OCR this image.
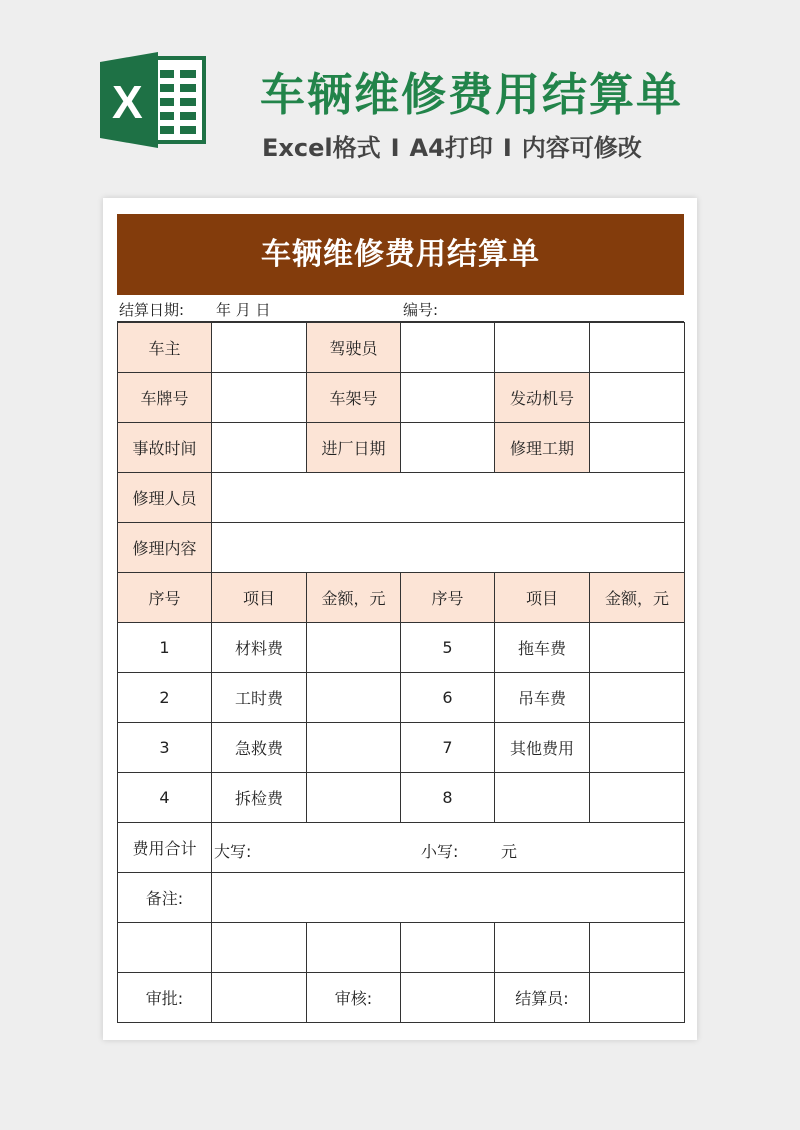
X	车辆维修费用结算单
Excel格式 I A4打印 I 内容可修改
车辆维修费用结算单
结算日期: 年 月 日	编号:
车主		驾驶员			
车牌号		车架号		发动机号	
事故时间		进厂日期		修理工期	
修理人员					
修理内容					
序号	项目	金额，元	序号	项目	金额，元
1	材料费		5	拖车费	
2	工时费		6	吊车费	
3	急救费		7	其他费用	
4	拆检费		8		
费用合计	大写: 小写: 元				

备注:					

审批:		审核:		结算员:	
